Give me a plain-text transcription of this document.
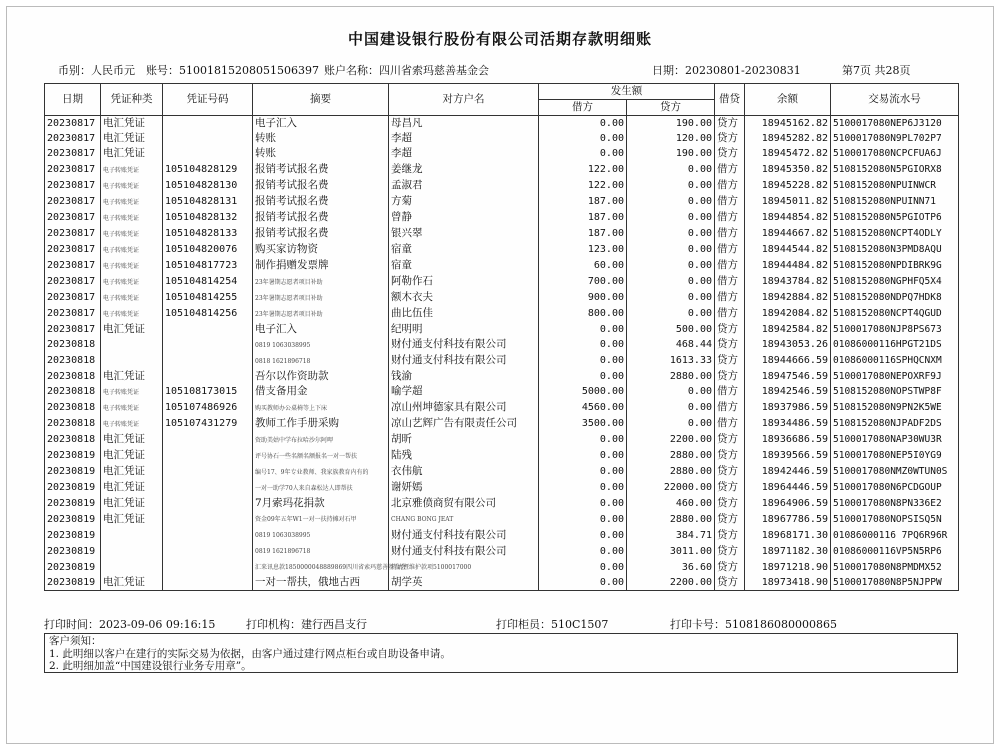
中国建设银行股份有限公司活期存款明细账
币别：人民币元 账号：51001815208051506397 账户名称：四川省索玛慈善基金会	日期：20230801-20230831	第7页 共28页
日期	凭证种类	凭证号码	摘要	对方户名	发生额		借贷	余额	交易流水号
					借方	贷方			
20230817	电汇凭证		电子汇入	母昌凡	0.00	190.00	贷方	18945162.82	5100017080NEP6J3120
20230817	电汇凭证		转账	李超	0.00	120.00	贷方	18945282.82	5100017080N9PL702P7
20230817	电汇凭证		转账	李超	0.00	190.00	贷方	18945472.82	5100017080NCPCFUA6J
20230817	电子转账凭证	105104828129	报销考试报名费	姜继龙	122.00	0.00	借方	18945350.82	5108152080N5PGIORX8
20230817	电子转账凭证	105104828130	报销考试报名费	孟淑君	122.00	0.00	借方	18945228.82	5108152080NPUINWCR
20230817	电子转账凭证	105104828131	报销考试报名费	方菊	187.00	0.00	借方	18945011.82	5108152080NPUINN71
20230817	电子转账凭证	105104828132	报销考试报名费	曾静	187.00	0.00	借方	18944854.82	5108152080N5PGIOTP6
20230817	电子转账凭证	105104828133	报销考试报名费	银兴翠	187.00	0.00	借方	18944667.82	5108152080NCPT4ODLY
20230817	电子转账凭证	105104820076	购买家访物资	宿童	123.00	0.00	借方	18944544.82	5108152080N3PMD8AQU
20230817	电子转账凭证	105104817723	制作捐赠发票牌	宿童	60.00	0.00	借方	18944484.82	5108152080NPDIBRK9G
20230817	电子转账凭证	105104814254	23年暑期志愿者项目补助	阿勒作石	700.00	0.00	借方	18943784.82	5108152080NGPHFQ5X4
20230817	电子转账凭证	105104814255	23年暑期志愿者项目补助	额木衣夫	900.00	0.00	借方	18942884.82	5108152080NDPQ7HDK8
20230817	电子转账凭证	105104814256	23年暑期志愿者项目补助	曲比伍佳	800.00	0.00	借方	18942084.82	5108152080NCPT4QGUD
20230817	电汇凭证		电子汇入	纪明明	0.00	500.00	贷方	18942584.82	5100017080NJP8PS673
20230818			0819 1063038995	财付通支付科技有限公司	0.00	468.44	贷方	18943053.26	01086000116HPGT21DS
20230818			0818 1621896718	财付通支付科技有限公司	0.00	1613.33	贷方	18944666.59	01086000116SPHQCNXM
20230818	电汇凭证		吾尔以作资助款	钱渝	0.00	2880.00	贷方	18947546.59	5100017080NEPOXRF9J
20230818	电子转账凭证	105108173015	借支备用金	喻学超	5000.00	0.00	借方	18942546.59	5108152080NOPSTWP8F
20230818	电子转账凭证	105107486926	购买教师办公桌椅等上下床	凉山州坤德家具有限公司	4560.00	0.00	借方	18937986.59	5108152080N9PN2K5WE
20230818	电子转账凭证	105107431279	教师工作手册采购	凉山艺辉广告有限责任公司	3500.00	0.00	借方	18934486.59	5108152080NJPADF2DS
20230818	电汇凭证		资助美姑中学布拉哈沙尔阿呷	胡昕	0.00	2200.00	贷方	18936686.59	5100017080NAP30WU3R
20230819	电汇凭证		评号协石一些名额名额报名一对一帮扶	陆残	0.00	2880.00	贷方	18939566.59	5100017080NEP5I0YG9
20230819	电汇凭证		编号17、9年专业教师、我家族教育内有的	衣伟航	0.00	2880.00	贷方	18942446.59	5100017080NMZ0WTUN0S
20230819	电汇凭证		一对一助学70人来自森松达人即帮扶	谢妍嫣	0.00	22000.00	贷方	18964446.59	5100017080N6PCDGOUP
20230819	电汇凭证		7月索玛花捐款	北京雅偾商贸有限公司	0.00	460.00	贷方	18964906.59	5100017080N8PN336E2
20230819	电汇凭证		资金09年五年W1一对一扶持摊对石甲	CHANG BONG JEAT	0.00	2880.00	贷方	18967786.59	5100017080NOPSISQ5N
20230819			0819 1063038995	财付通支付科技有限公司	0.00	384.71	贷方	18968171.30	01086000116 7PQ6R96R
20230819			0819 1621896718	财付通支付科技有限公司	0.00	3011.00	贷方	18971182.30	01086000116VP5N5RP6
20230819			汇来讯息款1850000048889869四川省索玛慈善基金会	特请暨维护款项5100017000	0.00	36.60	贷方	18971218.90	5100017080N8PMDMX52
20230819	电汇凭证		一对一帮扶，俄地古西	胡学英	0.00	2200.00	贷方	18973418.90	5100017080N8P5NJPPW
打印时间：2023-09-06 09:16:15	打印机构：建行西昌支行	打印柜员：510C1507	打印卡号：5108186080000865
客户须知：
1. 此明细以客户在建行的实际交易为依据，由客户通过建行网点柜台或自助设备申请。
2. 此明细加盖“中国建设银行业务专用章”。
